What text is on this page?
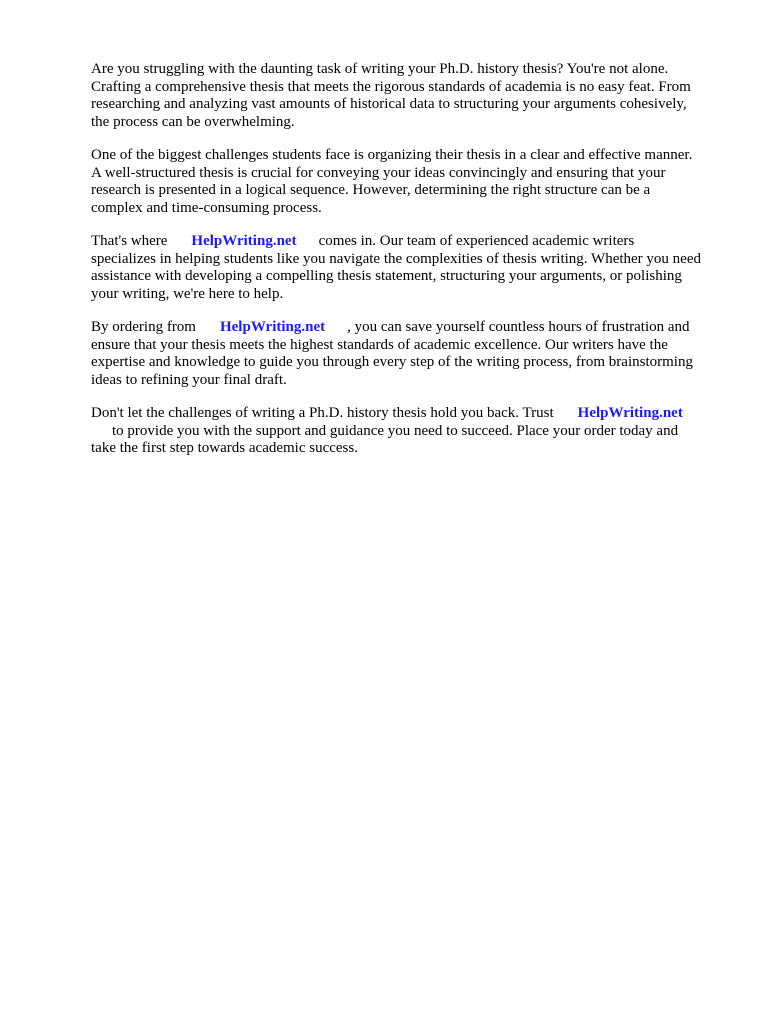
Are you struggling with the daunting task of writing your Ph.D. history thesis? You're not alone.
Crafting a comprehensive thesis that meets the rigorous standards of academia is no easy feat. From
researching and analyzing vast amounts of historical data to structuring your arguments cohesively,
the process can be overwhelming.

One of the biggest challenges students face is organizing their thesis in a clear and effective manner.
A well-structured thesis is crucial for conveying your ideas convincingly and ensuring that your
research is presented in a logical sequence. However, determining the right structure can be a
complex and time-consuming process.

That's where HelpWriting.net comes in. Our team of experienced academic writers
specializes in helping students like you navigate the complexities of thesis writing. Whether you need
assistance with developing a compelling thesis statement, structuring your arguments, or polishing
your writing, we're here to help.

By ordering from HelpWriting.net , you can save yourself countless hours of frustration and
ensure that your thesis meets the highest standards of academic excellence. Our writers have the
expertise and knowledge to guide you through every step of the writing process, from brainstorming
ideas to refining your final draft.

Don't let the challenges of writing a Ph.D. history thesis hold you back. Trust HelpWriting.net
to provide you with the support and guidance you need to succeed. Place your order today and
take the first step towards academic success.
